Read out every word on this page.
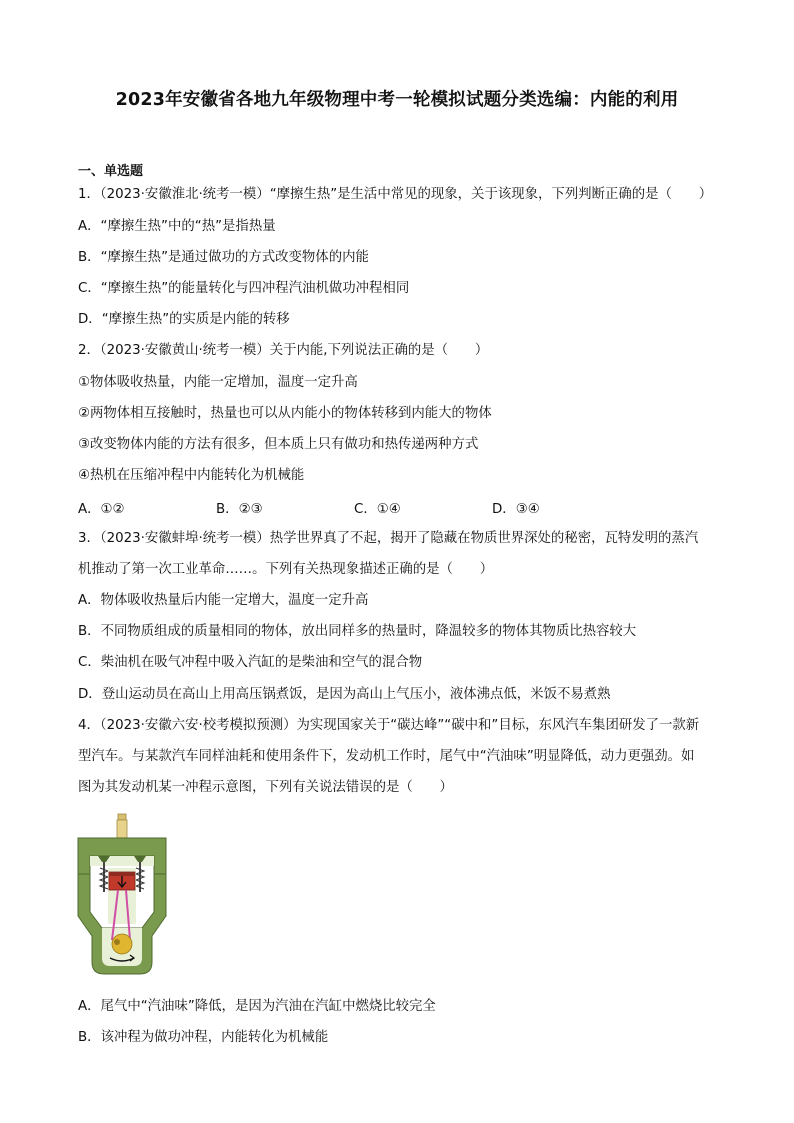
2023年安徽省各地九年级物理中考一轮模拟试题分类选编：内能的利用
一、单选题
1．（2023·安徽淮北·统考一模）“摩擦生热”是生活中常见的现象，关于该现象，下列判断正确的是（　　）
A．“摩擦生热”中的“热”是指热量
B．“摩擦生热”是通过做功的方式改变物体的内能
C．“摩擦生热”的能量转化与四冲程汽油机做功冲程相同
D．“摩擦生热”的实质是内能的转移
2．（2023·安徽黄山·统考一模）关于内能,下列说法正确的是（　　）
①物体吸收热量，内能一定增加，温度一定升高
②两物体相互接触时，热量也可以从内能小的物体转移到内能大的物体
③改变物体内能的方法有很多，但本质上只有做功和热传递两种方式
④热机在压缩冲程中内能转化为机械能
A．①②	B．②③	C．①④	D．③④
3．（2023·安徽蚌埠·统考一模）热学世界真了不起，揭开了隐藏在物质世界深处的秘密，瓦特发明的蒸汽
机推动了第一次工业革命……。下列有关热现象描述正确的是（　　）
A．物体吸收热量后内能一定增大，温度一定升高
B．不同物质组成的质量相同的物体，放出同样多的热量时，降温较多的物体其物质比热容较大
C．柴油机在吸气冲程中吸入汽缸的是柴油和空气的混合物
D．登山运动员在高山上用高压锅煮饭，是因为高山上气压小，液体沸点低，米饭不易煮熟
4．（2023·安徽六安·校考模拟预测）为实现国家关于“碳达峰”“碳中和”目标，东风汽车集团研发了一款新
型汽车。与某款汽车同样油耗和使用条件下，发动机工作时，尾气中“汽油味”明显降低，动力更强劲。如
图为其发动机某一冲程示意图，下列有关说法错误的是（　　）
A．尾气中“汽油味”降低，是因为汽油在汽缸中燃烧比较完全
B．该冲程为做功冲程，内能转化为机械能
